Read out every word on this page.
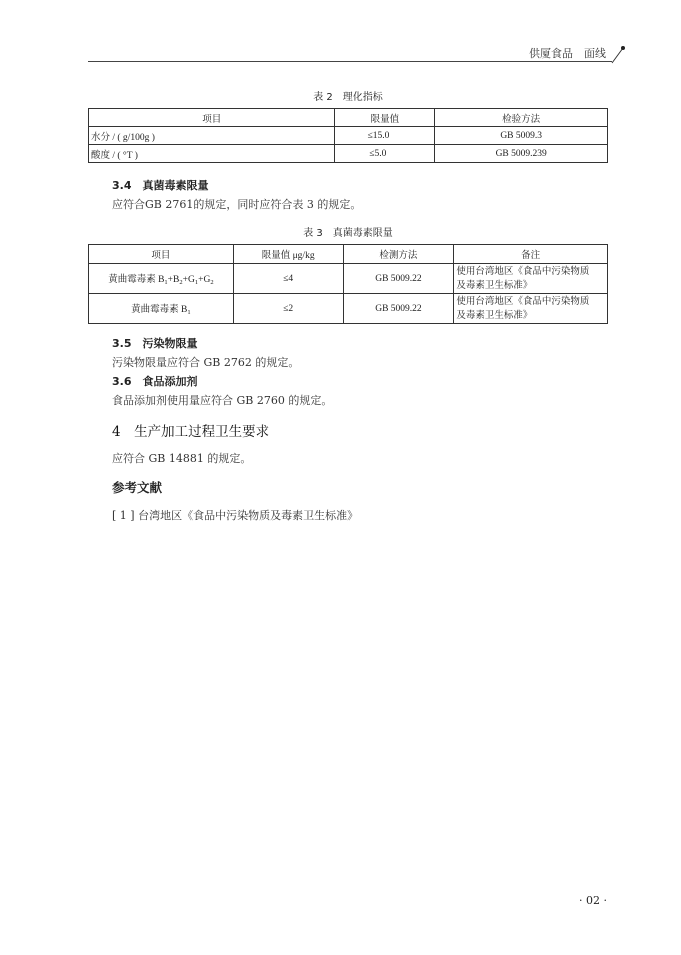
供厦食品　面线
表 2　理化指标
项目	限量值	检验方法
水分 / ( g/100g )	≤15.0	GB 5009.3
酸度 / ( °T )	≤5.0	GB 5009.239
3.4　真菌毒素限量
应符合GB 2761的规定，同时应符合表 3 的规定。
表 3　真菌毒素限量
项目	限量值 μg/kg	检测方法	备注
黄曲霉毒素 $B_1+B_2+G_1+G_2$	≤4	GB 5009.22	使用台湾地区《食品中污染物质
及毒素卫生标准》

黄曲霉毒素 $B_1$	≤2	GB 5009.22	使用台湾地区《食品中污染物质
及毒素卫生标准》
3.5　污染物限量
污染物限量应符合 GB 2762 的规定。
3.6　食品添加剂
食品添加剂使用量应符合 GB 2760 的规定。
4　生产加工过程卫生要求
应符合 GB 14881 的规定。
参考文献
[ 1 ] 台湾地区《食品中污染物质及毒素卫生标准》
· 02 ·
